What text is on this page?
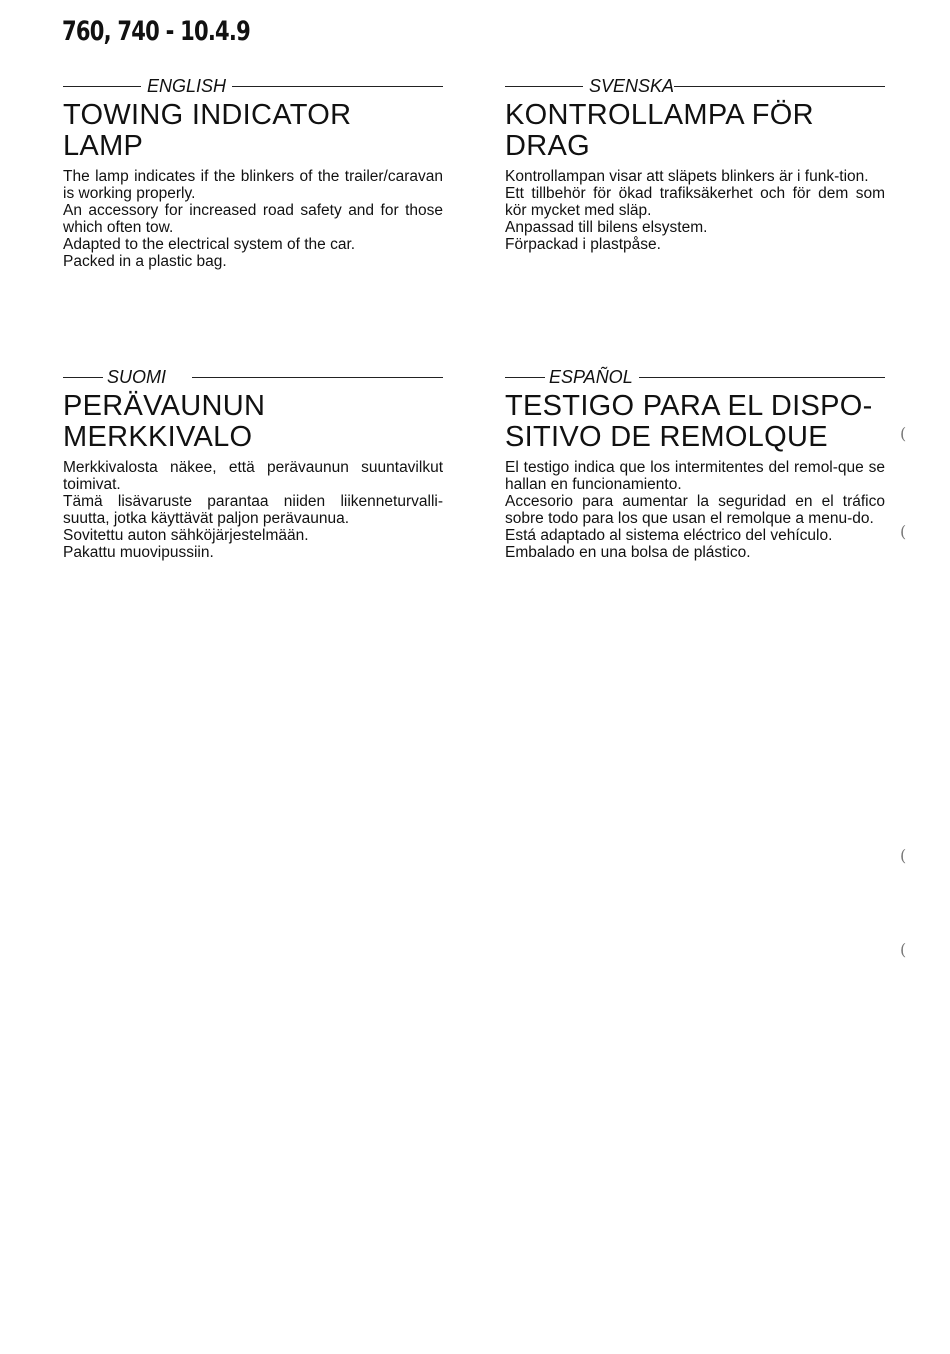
760, 740 - 10.4.9
ENGLISH
TOWING INDICATOR
LAMP

The lamp indicates if the blinkers of the trailer/caravan is working properly.

An accessory for increased road safety and for those which often tow.

Adapted to the electrical system of the car.

Packed in a plastic bag.

SVENSKA
KONTROLLAMPA FÖR
DRAG

Kontrollampan visar att släpets blinkers är i funk-tion.

Ett tillbehör för ökad trafiksäkerhet och för dem som kör mycket med släp.

Anpassad till bilens elsystem.

Förpackad i plastpåse.

SUOMI
PERÄVAUNUN
MERKKIVALO

Merkkivalosta näkee, että perävaunun suuntavilkut toimivat.

Tämä lisävaruste parantaa niiden liikenneturvalli-suutta, jotka käyttävät paljon perävaunua.

Sovitettu auton sähköjärjestelmään.

Pakattu muovipussiin.

ESPAÑOL
TESTIGO PARA EL DISPO-
SITIVO DE REMOLQUE

El testigo indica que los intermitentes del remol-que se hallan en funcionamiento.

Accesorio para aumentar la seguridad en el tráfico sobre todo para los que usan el remolque a menu-do.

Está adaptado al sistema eléctrico del vehículo.

Embalado en una bolsa de plástico.

(
(
(
(
